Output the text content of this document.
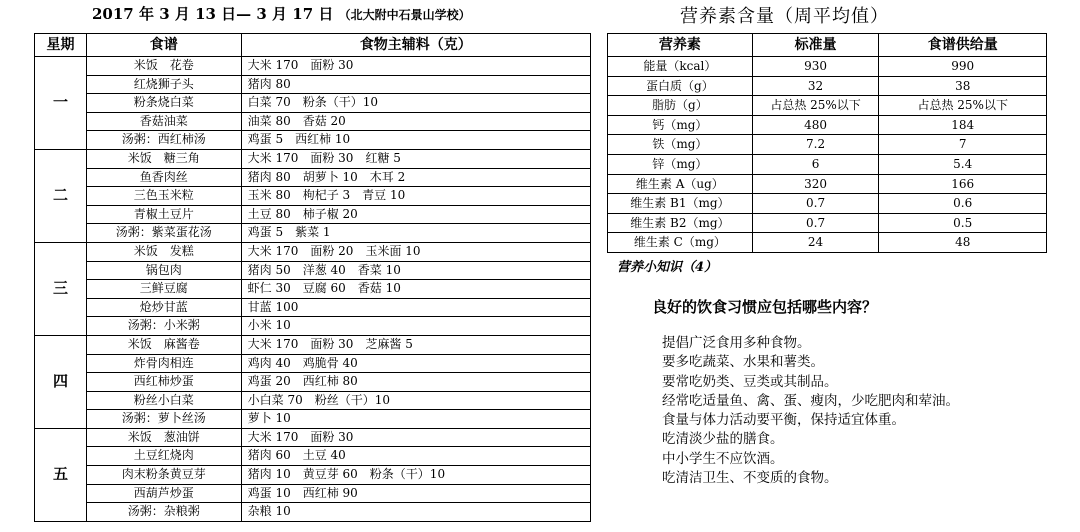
2017 年 3 月 13 日— 3 月 17 日 （北大附中石景山学校）
星期	食谱	食物主辅料（克）
一	米饭　花卷	大米 170　面粉 30
	红烧狮子头	猪肉 80
	粉条烧白菜	白菜 70　粉条（干）10
	香菇油菜	油菜 80　香菇 20
	汤粥：西红柿汤	鸡蛋 5　西红柿 10
二	米饭　糖三角	大米 170　面粉 30　红糖 5
	鱼香肉丝	猪肉 80　胡萝卜 10　木耳 2
	三色玉米粒	玉米 80　枸杞子 3　青豆 10
	青椒土豆片	土豆 80　柿子椒 20
	汤粥：紫菜蛋花汤	鸡蛋 5　紫菜 1
三	米饭　发糕	大米 170　面粉 20　玉米面 10
	锅包肉	猪肉 50　洋葱 40　香菜 10
	三鲜豆腐	虾仁 30　豆腐 60　香菇 10
	炝炒甘蓝	甘蓝 100
	汤粥：小米粥	小米 10
四	米饭　麻酱卷	大米 170　面粉 30　芝麻酱 5
	炸骨肉相连	鸡肉 40　鸡脆骨 40
	西红柿炒蛋	鸡蛋 20　西红柿 80
	粉丝小白菜	小白菜 70　粉丝（干）10
	汤粥：萝卜丝汤	萝卜 10
五	米饭　葱油饼	大米 170　面粉 30
	土豆红烧肉	猪肉 60　土豆 40
	肉末粉条黄豆芽	猪肉 10　黄豆芽 60　粉条（干）10
	西葫芦炒蛋	鸡蛋 10　西红柿 90
	汤粥：杂粮粥	杂粮 10
营养素含量（周平均值）
营养素	标准量	食谱供给量
能量（kcal）	930	990
蛋白质（g）	32	38
脂肪（g）	占总热 25%以下	占总热 25%以下
钙（mg）	480	184
铁（mg）	7.2	7
锌（mg）	6	5.4
维生素 A（ug）	320	166
维生素 B1（mg）	0.7	0.6
维生素 B2（mg）	0.7	0.5
维生素 C（mg）	24	48
营养小知识（4）
良好的饮食习惯应包括哪些内容？
提倡广泛食用多种食物。
要多吃蔬菜、水果和薯类。
要常吃奶类、豆类或其制品。
经常吃适量鱼、禽、蛋、瘦肉，少吃肥肉和荤油。
食量与体力活动要平衡，保持适宜体重。
吃清淡少盐的膳食。
中小学生不应饮酒。
吃清洁卫生、不变质的食物。
